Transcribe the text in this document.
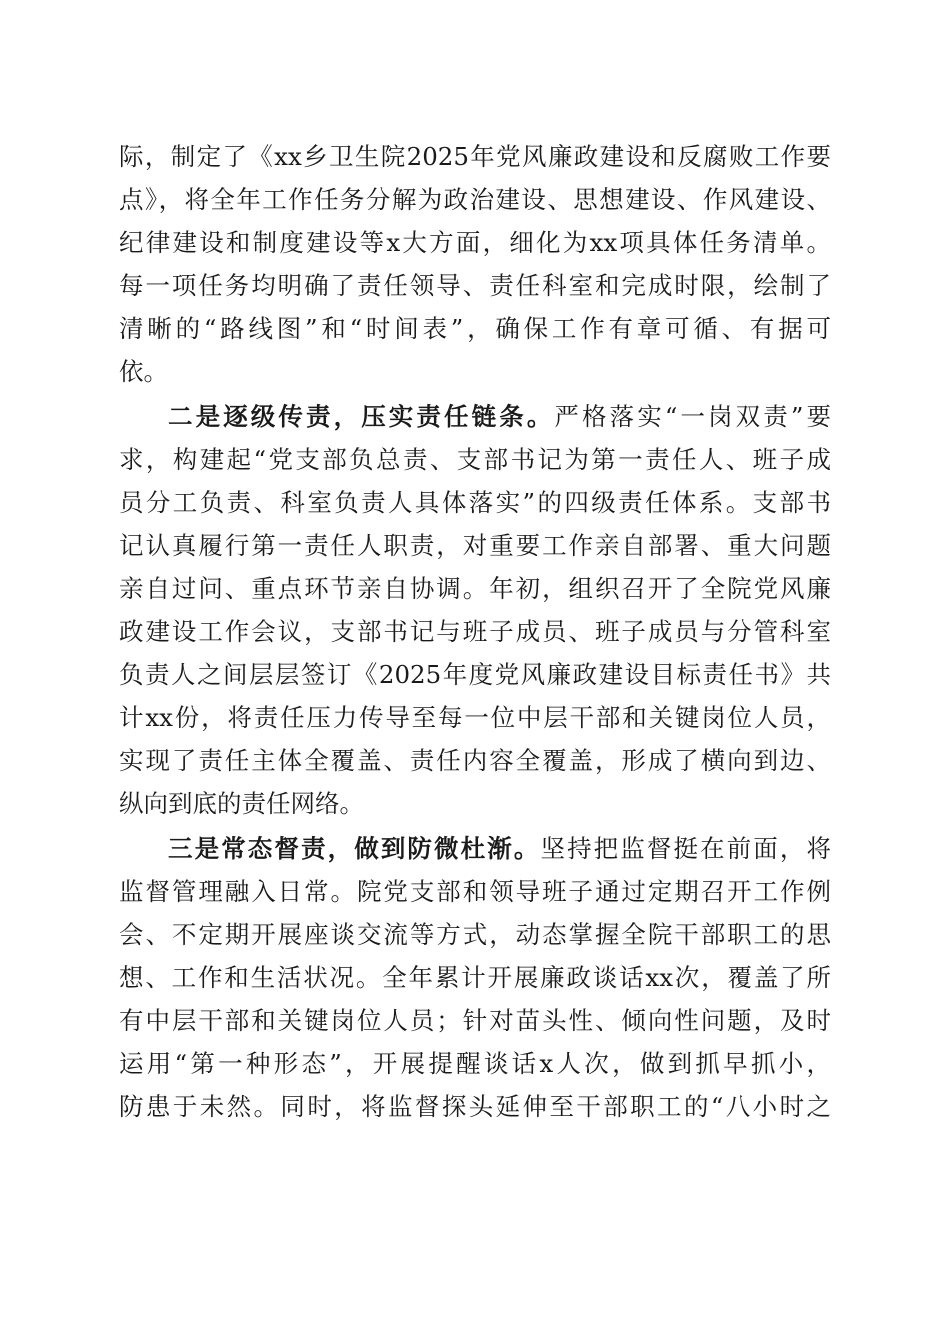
际，制定了《xx乡卫生院2025年党风廉政建设和反腐败工作要
点》，将全年工作任务分解为政治建设、思想建设、作风建设、
纪律建设和制度建设等x大方面，细化为xx项具体任务清单。
每一项任务均明确了责任领导、责任科室和完成时限，绘制了
清晰的“路线图”和“时间表”，确保工作有章可循、有据可
依。
二是逐级传责，压实责任链条。严格落实“一岗双责”要
求，构建起“党支部负总责、支部书记为第一责任人、班子成
员分工负责、科室负责人具体落实”的四级责任体系。支部书
记认真履行第一责任人职责，对重要工作亲自部署、重大问题
亲自过问、重点环节亲自协调。年初，组织召开了全院党风廉
政建设工作会议，支部书记与班子成员、班子成员与分管科室
负责人之间层层签订《2025年度党风廉政建设目标责任书》共
计xx份，将责任压力传导至每一位中层干部和关键岗位人员，
实现了责任主体全覆盖、责任内容全覆盖，形成了横向到边、
纵向到底的责任网络。
三是常态督责，做到防微杜渐。坚持把监督挺在前面，将
监督管理融入日常。院党支部和领导班子通过定期召开工作例
会、不定期开展座谈交流等方式，动态掌握全院干部职工的思
想、工作和生活状况。全年累计开展廉政谈话xx次，覆盖了所
有中层干部和关键岗位人员；针对苗头性、倾向性问题，及时
运用“第一种形态”，开展提醒谈话x人次，做到抓早抓小，
防患于未然。同时，将监督探头延伸至干部职工的“八小时之
